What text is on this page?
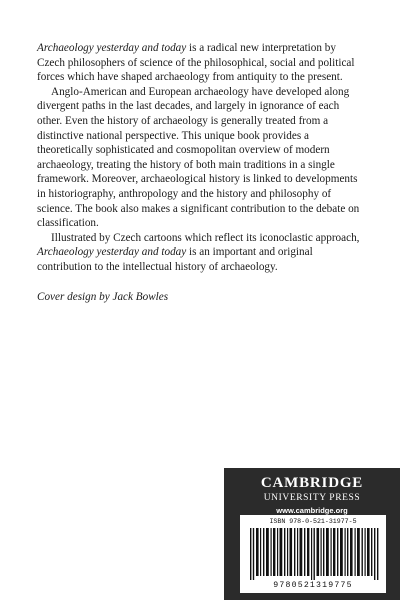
Archaeology yesterday and today is a radical new interpretation by Czech philosophers of science of the philosophical, social and political forces which have shaped archaeology from antiquity to the present.

Anglo-American and European archaeology have developed along divergent paths in the last decades, and largely in ignorance of each other. Even the history of archaeology is generally treated from a distinctive national perspective. This unique book provides a theoretically sophisticated and cosmopolitan overview of modern archaeology, treating the history of both main traditions in a single framework. Moreover, archaeological history is linked to developments in historiography, anthropology and the history and philosophy of science. The book also makes a significant contribution to the debate on classification.

Illustrated by Czech cartoons which reflect its iconoclastic approach, Archaeology yesterday and today is an important and original contribution to the intellectual history of archaeology.

Cover design by Jack Bowles
CAMBRIDGE
UNIVERSITY PRESS
www.cambridge.org
ISBN 978-0-521-31977-5
9780521319775
